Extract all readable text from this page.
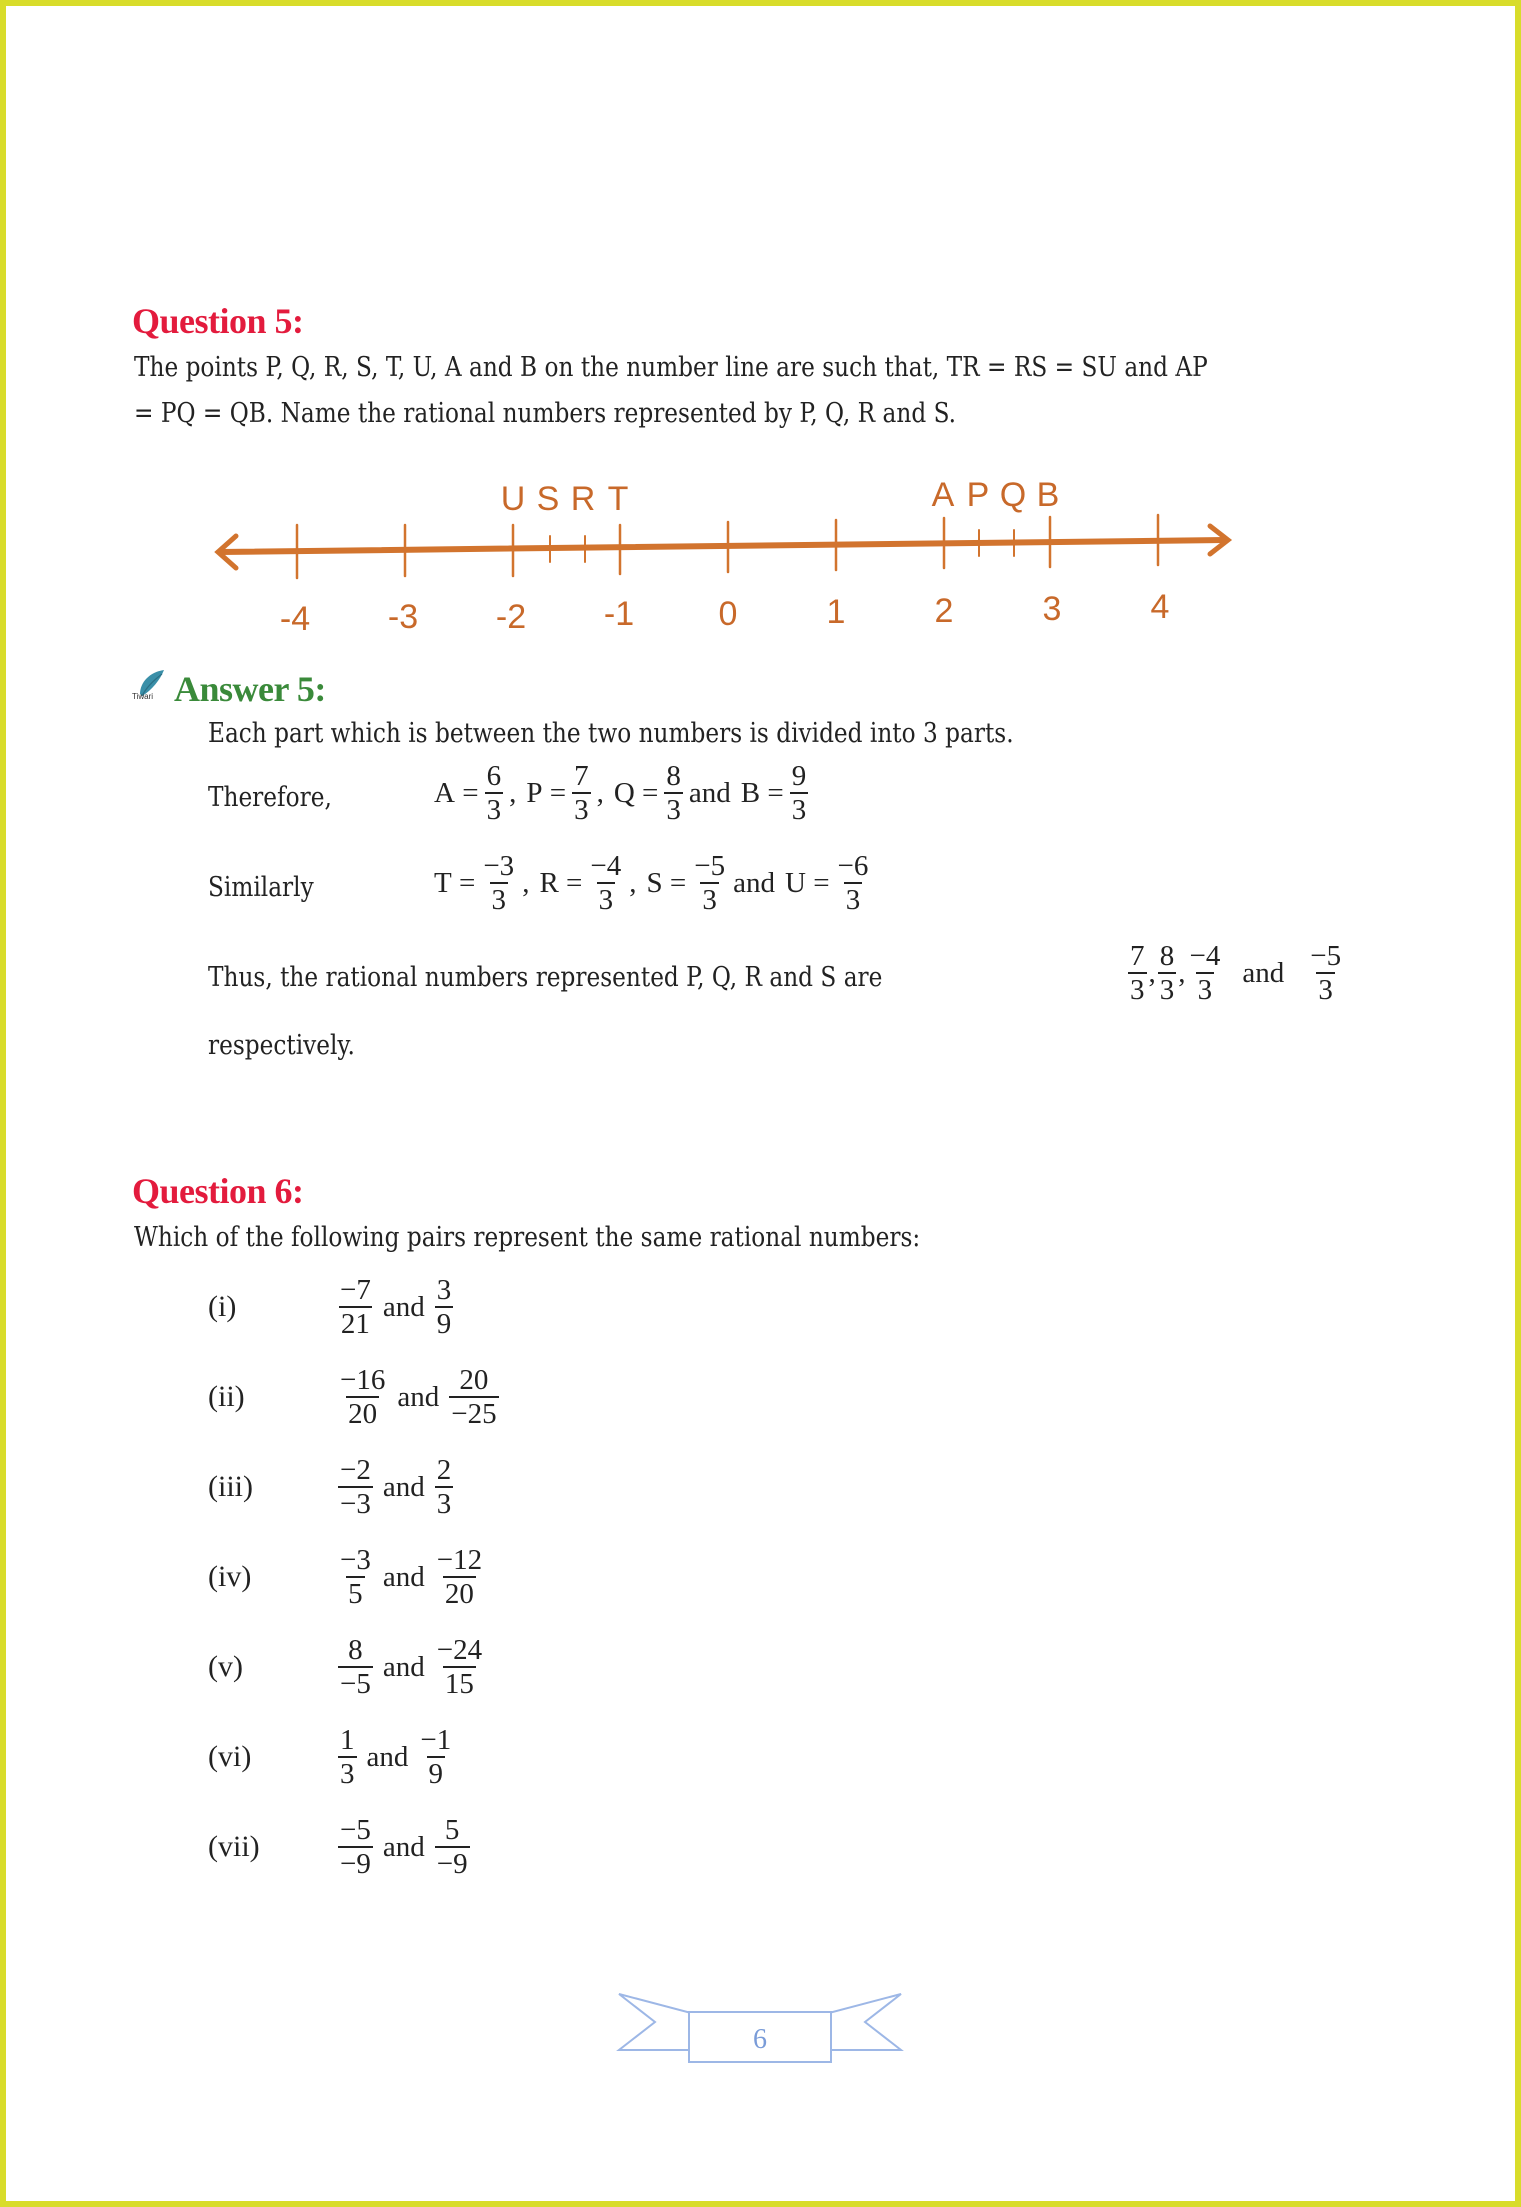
Question 5:
The points P, Q, R, S, T, U, A and B on the number line are such that, TR = RS = SU and AP
= PQ = QB. Name the rational numbers represented by P, Q, R and S.
-4 -3 -2 -1 0	1	2	3	4
U S R T	A P Q B
Tiwari Answer 5:
Each part which is between the two numbers is divided into 3 parts.
Therefore,	$A = \frac{6}{3}$ , $P = \frac{7}{3}$ , $Q = \frac{8}{3}$ and $B = \frac{9}{3}$
Similarly	$T = \frac{-3}{3}$ , $R = \frac{-4}{3}$ , $S = \frac{-5}{3}$ and $U = \frac{-6}{3}$
Thus, the rational numbers represented P, Q, R and S are	$\frac{7}{3}$ , $\frac{8}{3}$ , $\frac{-4}{3}$ and $\frac{-5}{3}$
respectively.
Question 6:
Which of the following pairs represent the same rational numbers:
(i)	$\frac{-7}{21}$ and $\frac{3}{9}$
(ii)	$\frac{-16}{20}$ and $\frac{20}{-25}$
(iii)	$\frac{-2}{-3}$ and $\frac{2}{3}$
(iv)	$\frac{-3}{5}$ and $\frac{-12}{20}$
(v)	$\frac{8}{-5}$ and $\frac{-24}{15}$
(vi)	$\frac{1}{3}$ and $\frac{-1}{9}$
(vii)	$\frac{-5}{-9}$ and $\frac{5}{-9}$
6
